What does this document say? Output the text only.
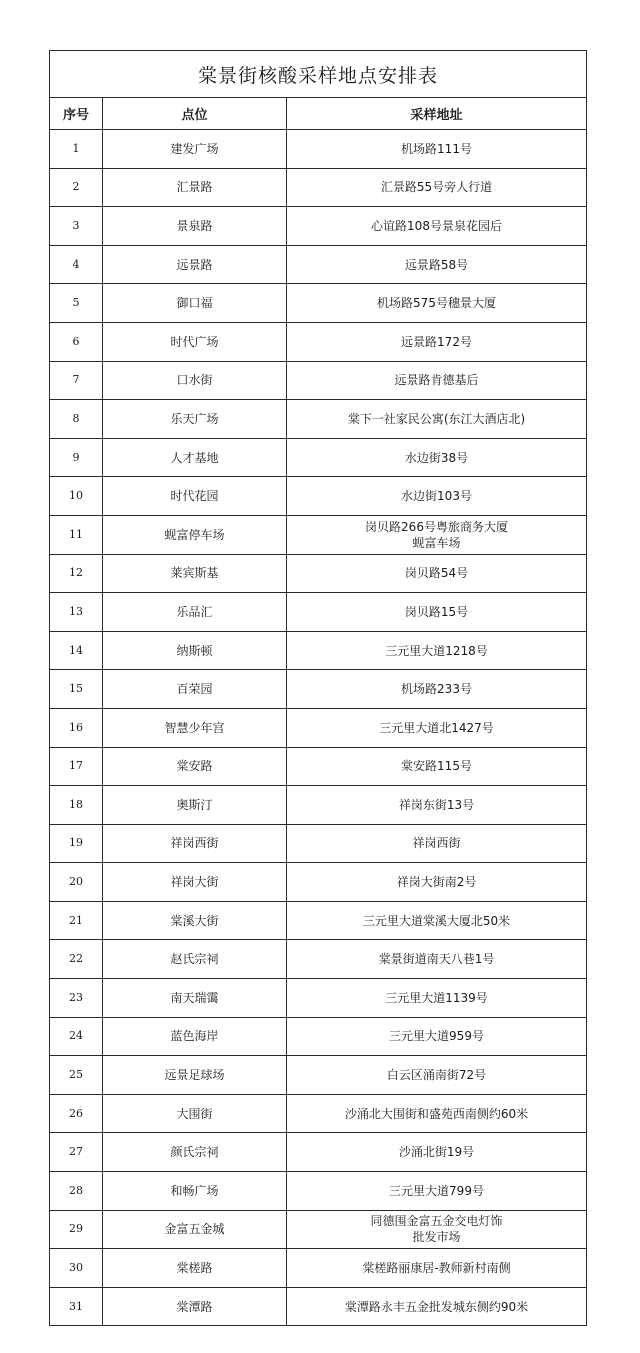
棠景街核酸采样地点安排表		
序号	点位	采样地址
1	建发广场	机场路111号

2	汇景路	汇景路55号旁人行道

3	景泉路	心谊路108号景泉花园后

4	远景路	远景路58号

5	御口福	机场路575号穗景大厦

6	时代广场	远景路172号

7	口水街	远景路肯德基后

8	乐天广场	棠下一社家民公寓(东江大酒店北)

9	人才基地	水边街38号

10	时代花园	水边街103号

11	蚬富停车场	岗贝路266号粤旅商务大厦
蚬富车场

12	莱宾斯基	岗贝路54号

13	乐品汇	岗贝路15号

14	纳斯顿	三元里大道1218号

15	百荣园	机场路233号

16	智慧少年宫	三元里大道北1427号

17	棠安路	棠安路115号

18	奥斯汀	祥岗东街13号

19	祥岗西街	祥岗西街

20	祥岗大街	祥岗大街南2号

21	棠溪大街	三元里大道棠溪大厦北50米

22	赵氏宗祠	棠景街道南天八巷1号

23	南天瑞霭	三元里大道1139号

24	蓝色海岸	三元里大道959号

25	远景足球场	白云区涌南街72号

26	大围街	沙涌北大围街和盛苑西南侧约60米

27	颜氏宗祠	沙涌北街19号

28	和畅广场	三元里大道799号

29	金富五金城	同德围金富五金交电灯饰
批发市场

30	棠槎路	棠槎路丽康居-教师新村南侧

31	棠潭路	棠潭路永丰五金批发城东侧约90米
